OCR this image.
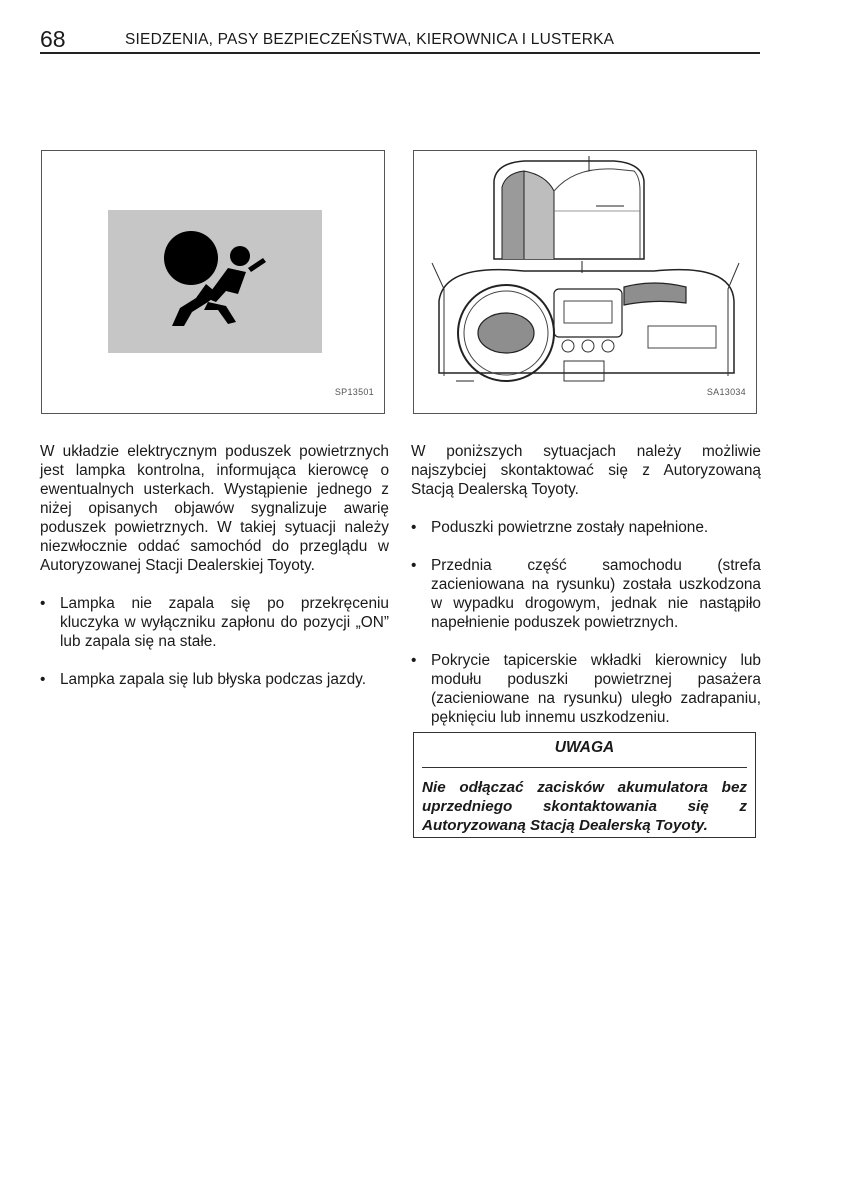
68	SIEDZENIA, PASY BEZPIECZEŃSTWA, KIEROWNICA I LUSTERKA
SP13501	SA13034

W układzie elektrycznym poduszek powietrznych jest lampka kontrolna, informująca kierowcę o ewentualnych usterkach. Wystąpienie jednego z niżej opisanych objawów sygnalizuje awarię poduszek powietrznych. W takiej sytuacji należy niezwłocznie oddać samochód do przeglądu w Autoryzowanej Stacji Dealerskiej Toyoty.

• Lampka nie zapala się po przekręceniu kluczyka w wyłączniku zapłonu do pozycji „ON” lub zapala się na stałe.
• Lampka zapala się lub błyska podczas jazdy.

W poniższych sytuacjach należy możliwie najszybciej skontaktować się z Autoryzowaną Stacją Dealerską Toyoty.

• Poduszki powietrzne zostały napełnione.
• Przednia część samochodu (strefa zacieniowana na rysunku) została uszkodzona w wypadku drogowym, jednak nie nastąpiło napełnienie poduszek powietrznych.
• Pokrycie tapicerskie wkładki kierownicy lub modułu poduszki powietrznej pasażera (zacieniowane na rysunku) uległo zadrapaniu, pęknięciu lub innemu uszkodzeniu.
UWAGA
Nie odłączać zacisków akumulatora bez uprzedniego skontaktowania się z Autoryzowaną Stacją Dealerską Toyoty.
